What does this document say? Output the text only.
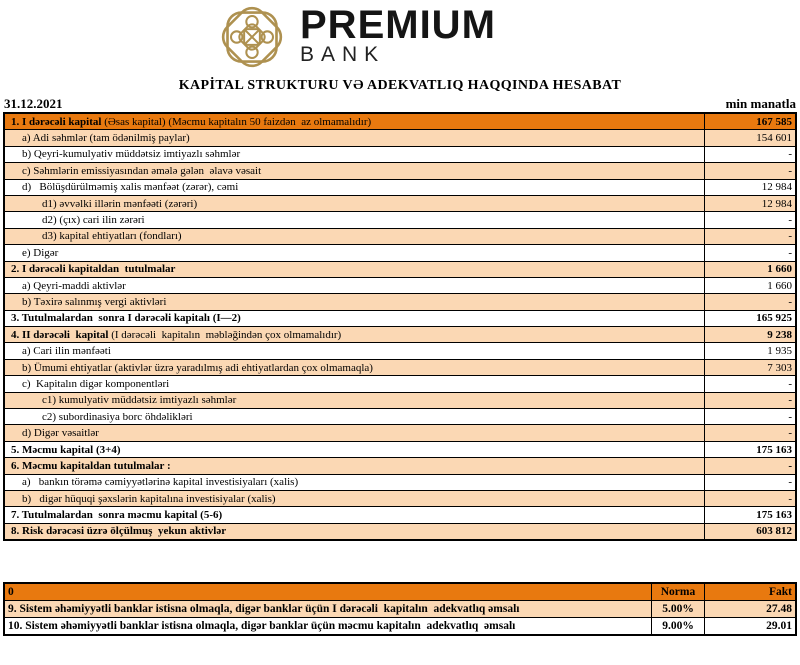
PREMIUM
BANK
KAPİTAL STRUKTURU VƏ ADEKVATLIQ HAQQINDA HESABAT
31.12.2021	min manatla
1. I dərəcəli kapital (Əsas kapital) (Məcmu kapitalın 50 faizdən  az olmamalıdır)	167 585
a) Adi səhmlər (tam ödənilmiş paylar)	154 601
b) Qeyri-kumulyativ müddətsiz imtiyazlı səhmlər	-
c) Səhmlərin emissiyasından əmələ gələn  əlavə vəsait	-
d)   Bölüşdürülməmiş xalis mənfəət (zərər), cəmi	12 984
d1) əvvəlki illərin mənfəəti (zərəri)	12 984
d2) (çıx) cari ilin zərəri	-
d3) kapital ehtiyatları (fondları)	-
e) Digər	-
2. I dərəcəli kapitaldan  tutulmalar	1 660
a) Qeyri-maddi aktivlər	1 660
b) Təxirə salınmış vergi aktivləri	-
3. Tutulmalardan  sonra I dərəcəli kapitalı (I—2)	165 925
4. II dərəcəli  kapital (I dərəcəli  kapitalın  məbləğindən çox olmamalıdır)	9 238
a) Cari ilin mənfəəti	1 935
b) Ümumi ehtiyatlar (aktivlər üzrə yaradılmış adi ehtiyatlardan çox olmamaqla)	7 303
c)  Kapitalın digər komponentləri	-
c1) kumulyativ müddətsiz imtiyazlı səhmlər	-
c2) subordinasiya borc öhdəlikləri	-
d) Digər vəsaitlər	-
5. Məcmu kapital (3+4)	175 163
6. Məcmu kapitaldan tutulmalar :	-
a)   bankın törəmə cəmiyyətlərinə kapital investisiyaları (xalis)	-
b)   digər hüquqi şəxslərin kapitalına investisiyalar (xalis)	-
7. Tutulmalardan  sonra məcmu kapital (5-6)	175 163
8. Risk dərəcəsi üzrə ölçülmuş  yekun aktivlər	603 812
0	Norma	Fakt
9. Sistem əhəmiyyətli banklar istisna olmaqla, digər banklar üçün I dərəcəli  kapitalın  adekvatlıq əmsalı	5.00%	27.48
10. Sistem əhəmiyyətli banklar istisna olmaqla, digər banklar üçün məcmu kapitalın  adekvatlıq  əmsalı	9.00%	29.01
